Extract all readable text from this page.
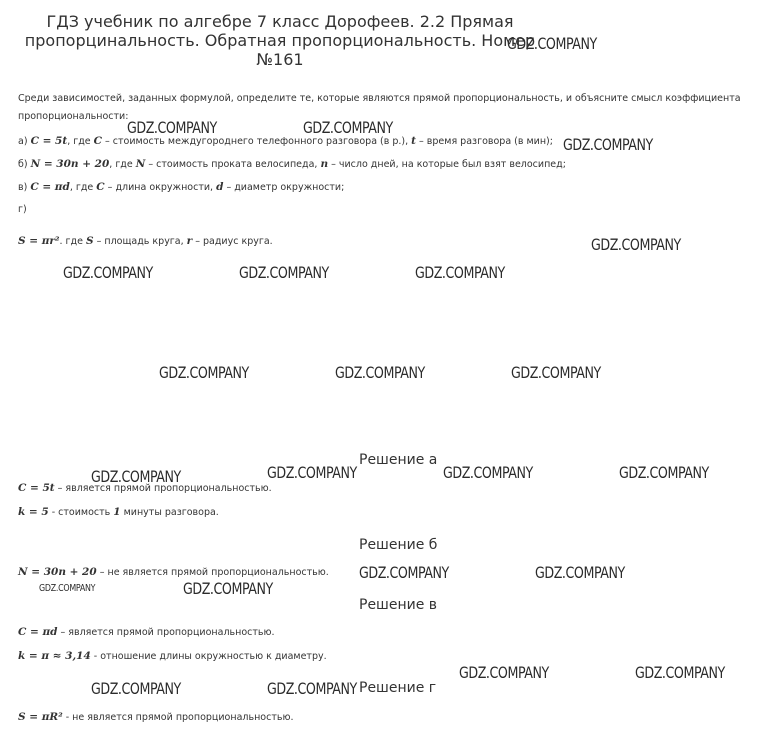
ГДЗ учебник по алгебре 7 класс Дорофеев. 2.2 Прямая
пропорцинальность. Обратная пропорциональность. Номер
№161
Среди зависимостей, заданных формулой, определите те, которые являются прямой пропорциональность, и объясните смысл коэффициента
пропорциональности:
а) C = 5t, где C – стоимость междугороднего телефонного разговора (в р.), t – время разговора (в мин);
б) N = 30n + 20, где N – стоимость проката велосипеда, n – число дней, на которые был взят велосипед;
в) C = πd, где C – длина окружности, d – диаметр окружности;
г)
S = πr². где S – площадь круга, r – радиус круга.
Решение а
C = 5t – является прямой пропорциональностью.
k = 5 - стоимость 1 минуты разговора.
Решение б
N = 30n + 20 – не является прямой пропорциональностью.
Решение в
C = πd – является прямой пропорциональностью.
k = π ≈ 3,14 - отношение длины окружностью к диаметру.
Решение г
S = πR² - не является прямой пропорциональностью.
GDZ.COMPANY
GDZ.COMPANY	GDZ.COMPANY
GDZ.COMPANY
GDZ.COMPANY
GDZ.COMPANY	GDZ.COMPANY	GDZ.COMPANY
GDZ.COMPANY	GDZ.COMPANY	GDZ.COMPANY
GDZ.COMPANY	GDZ.COMPANY	GDZ.COMPANY	GDZ.COMPANY
GDZ.COMPANY	GDZ.COMPANY
GDZ.COMPANY	GDZ.COMPANY
GDZ.COMPANY	GDZ.COMPANY
GDZ.COMPANY	GDZ.COMPANY
